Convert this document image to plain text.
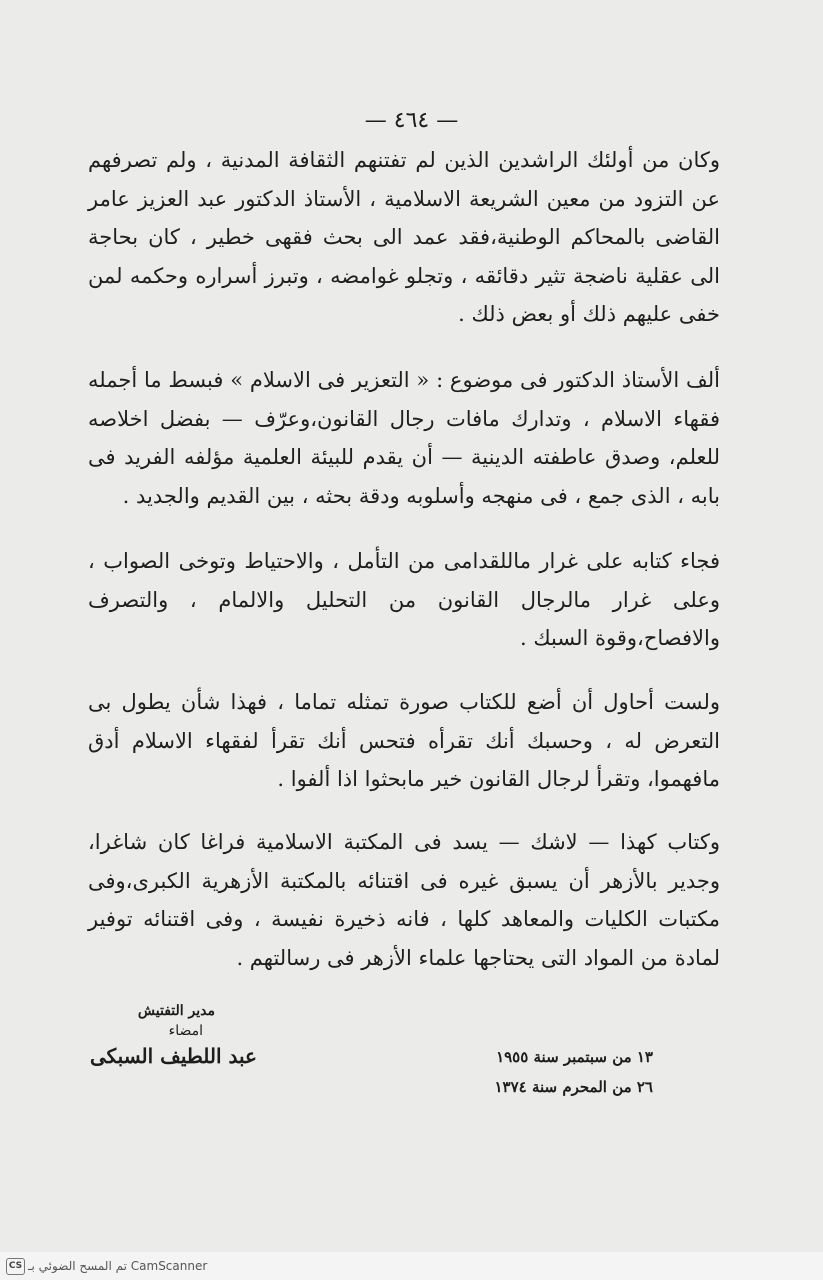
— ٤٦٤ —

وكان من أولئك الراشدين الذين لم تفتنهم الثقافة المدنية ، ولم تصرفهم عن التزود من معين الشريعة الاسلامية ، الأستاذ الدكتور عبد العزيز عامر القاضى بالمحاكم الوطنية،فقد عمد الى بحث فقهى خطير ، كان بحاجة الى عقلية ناضجة تثير دقائقه ، وتجلو غوامضه ، وتبرز أسراره وحكمه لمن خفى عليهم ذلك أو بعض ذلك .

ألف الأستاذ الدكتور فى موضوع : « التعزير فى الاسلام » فبسط ما أجمله فقهاء الاسلام ، وتدارك مافات رجال القانون،وعرّف — بفضل اخلاصه للعلم، وصدق عاطفته الدينية — أن يقدم للبيئة العلمية مؤلفه الفريد فى بابه ، الذى جمع ، فى منهجه وأسلوبه ودقة بحثه ، بين القديم والجديد .

فجاء كتابه على غرار ماللقدامى من التأمل ، والاحتياط وتوخى الصواب ، وعلى غرار مالرجال القانون من التحليل والالمام ، والتصرف والافصاح،وقوة السبك .

ولست أحاول أن أضع للكتاب صورة تمثله تماما ، فهذا شأن يطول بى التعرض له ، وحسبك أنك تقرأه فتحس أنك تقرأ لفقهاء الاسلام أدق مافهموا، وتقرأ لرجال القانون خير مابحثوا اذا ألفوا .

وكتاب كهذا — لاشك — يسد فى المكتبة الاسلامية فراغا كان شاغرا، وجدير بالأزهر أن يسبق غيره فى اقتنائه بالمكتبة الأزهرية الكبرى،وفى مكتبات الكليات والمعاهد كلها ، فانه ذخيرة نفيسة ، وفى اقتنائه توفير لمادة من المواد التى يحتاجها علماء الأزهر فى رسالتهم .

مدير التفتيش
امضاء
عبد اللطيف السبكى	١٣ من سبتمبر سنة ١٩٥٥
٢٦ من المحرم سنة ١٣٧٤
CS تم المسح الضوئي بـ CamScanner
